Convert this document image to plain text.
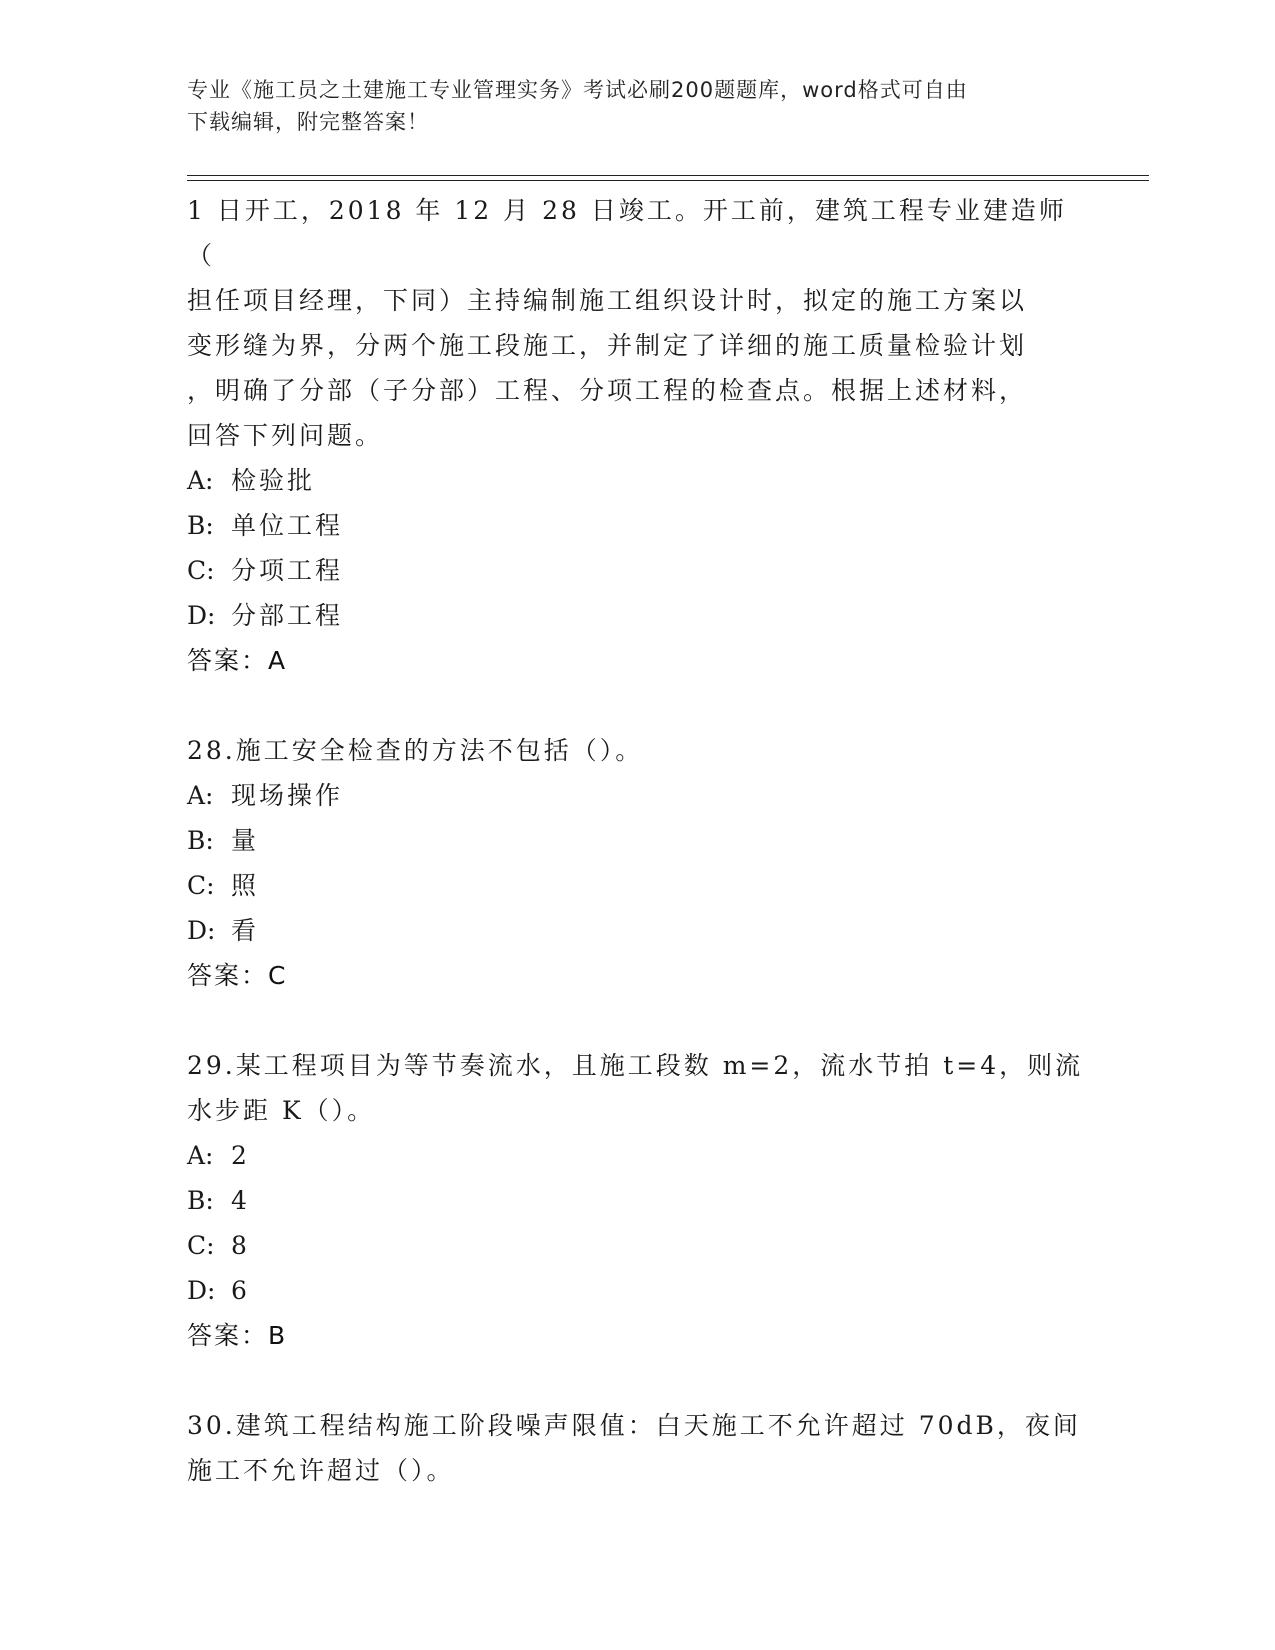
专业《施工员之土建施工专业管理实务》考试必刷200题题库，word格式可自由
下载编辑，附完整答案！

1 日开工，2018 年 12 月 28 日竣工。开工前，建筑工程专业建造师（

担任项目经理，下同）主持编制施工组织设计时，拟定的施工方案以

变形缝为界，分两个施工段施工，并制定了详细的施工质量检验计划

，明确了分部（子分部）工程、分项工程的检查点。根据上述材料，

回答下列问题。

A: 检验批

B: 单位工程

C: 分项工程

D: 分部工程

答案：A

28.施工安全检查的方法不包括（）。

A: 现场操作

B: 量

C: 照

D: 看

答案：C

29.某工程项目为等节奏流水，且施工段数 m=2，流水节拍 t=4，则流

水步距 K（）。

A: 2

B: 4

C: 8

D: 6

答案：B

30.建筑工程结构施工阶段噪声限值：白天施工不允许超过 70dB，夜间

施工不允许超过（）。
